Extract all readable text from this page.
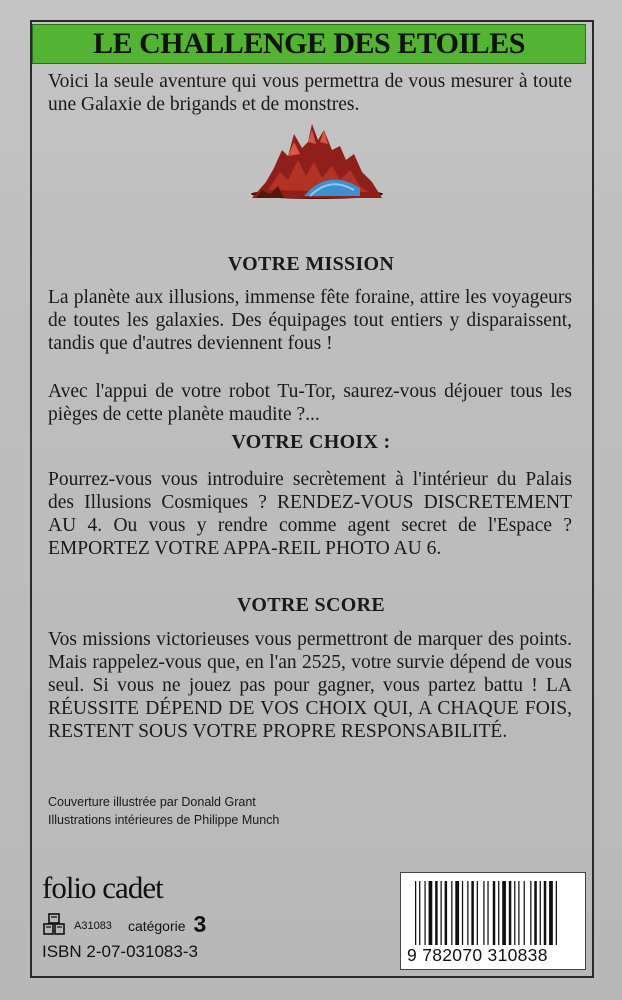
LE CHALLENGE DES ETOILES

Voici la seule aventure qui vous permettra de vous mesurer à toute une Galaxie de brigands et de monstres.

VOTRE MISSION

La planète aux illusions, immense fête foraine, attire les voyageurs de toutes les galaxies. Des équipages tout entiers y disparaissent, tandis que d'autres deviennent fous !

Avec l'appui de votre robot Tu-Tor, saurez-vous déjouer tous les pièges de cette planète maudite ?...

VOTRE CHOIX :

Pourrez-vous vous introduire secrètement à l'intérieur du Palais des Illusions Cosmiques ? RENDEZ-VOUS DISCRETEMENT AU 4. Ou vous y rendre comme agent secret de l'Espace ? EMPORTEZ VOTRE APPA-REIL PHOTO AU 6.

VOTRE SCORE

Vos missions victorieuses vous permettront de marquer des points. Mais rappelez-vous que, en l'an 2525, votre survie dépend de vous seul. Si vous ne jouez pas pour gagner, vous partez battu ! LA RÉUSSITE DÉPEND DE VOS CHOIX QUI, A CHAQUE FOIS, RESTENT SOUS VOTRE PROPRE RESPONSABILITÉ.

Couverture illustrée par Donald Grant
Illustrations intérieures de Philippe Munch
folio cadet
A31083 catégorie 3
ISBN 2-07-031083-3	9 782070 310838
